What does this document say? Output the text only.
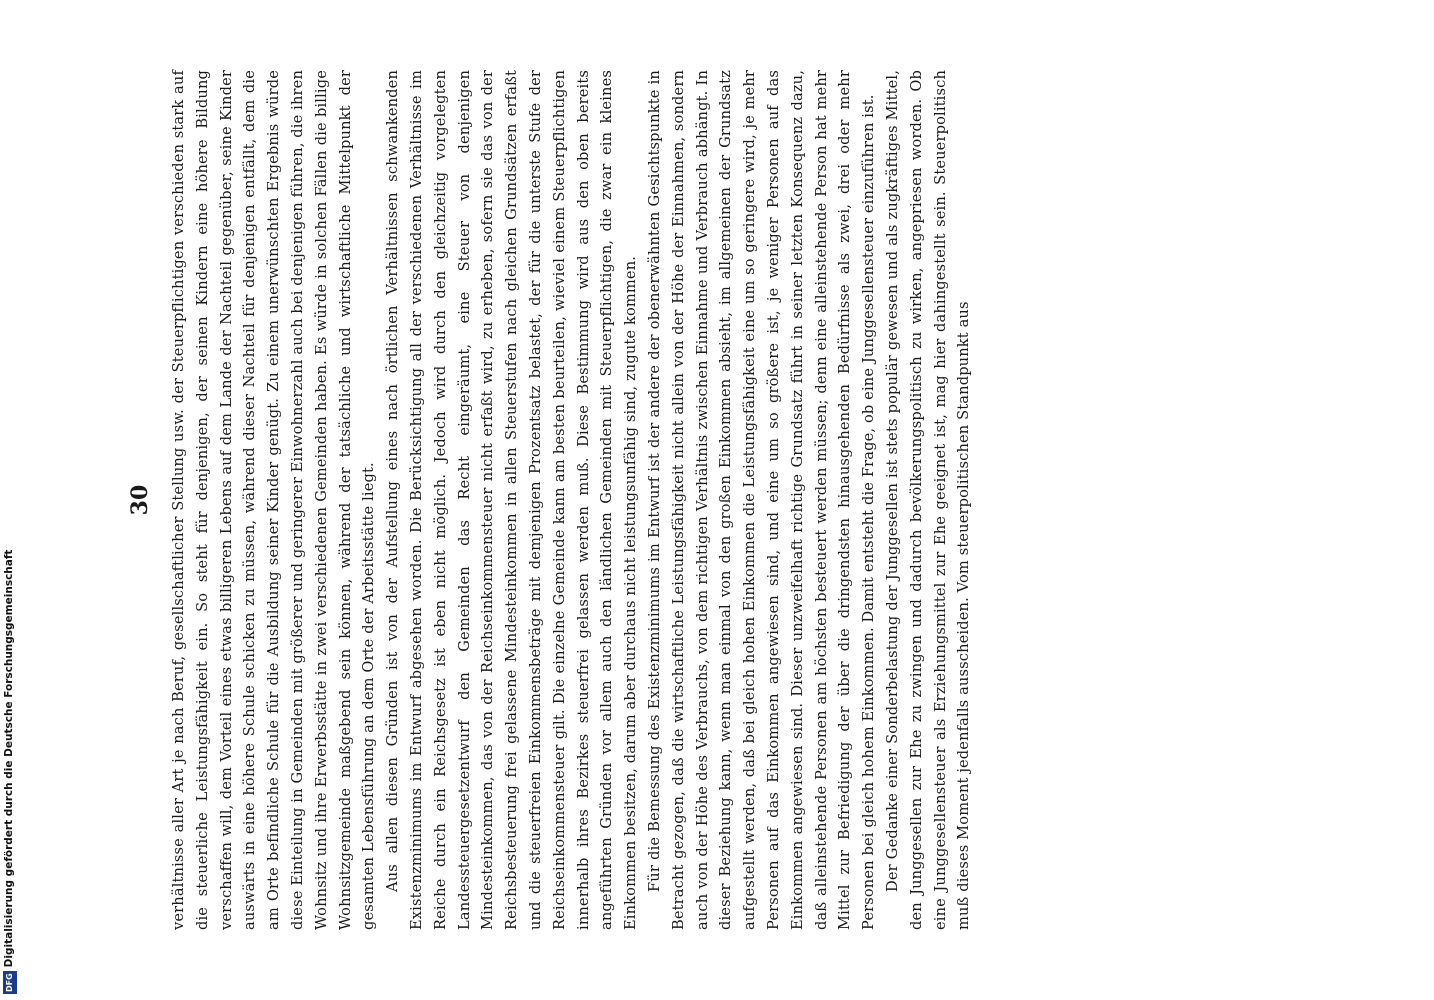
30	verhältnisse aller Art je nach Beruf, gesellschaftlicher Stellung usw. der Steuerpflichtigen verschieden stark auf die steuerliche Leistungsfähigkeit ein. So steht für denjenigen, der seinen Kindern eine höhere Bildung verschaffen will, dem Vorteil eines etwas billigeren Lebens auf dem Lande der Nachteil gegenüber, seine Kinder auswärts in eine höhere Schule schicken zu müssen, während dieser Nachteil für denjenigen entfällt, dem die am Orte befindliche Schule für die Ausbildung seiner Kinder genügt. Zu einem unerwünschten Ergebnis würde diese Einteilung in Gemeinden mit größerer und geringerer Einwohnerzahl auch bei denjenigen führen, die ihren Wohnsitz und ihre Erwerbsstätte in zwei verschiedenen Gemeinden haben. Es würde in solchen Fällen die billige Wohnsitzgemeinde maßgebend sein können, während der tatsächliche und wirtschaftliche Mittelpunkt der gesamten Lebensführung an dem Orte der Arbeitsstätte liegt. Aus allen diesen Gründen ist von der Aufstellung eines nach örtlichen Verhältnissen schwankenden Existenzminimums im Entwurf abgesehen worden. Die Berücksichtigung all der verschiedenen Verhältnisse im Reiche durch ein Reichsgesetz ist eben nicht möglich. Jedoch wird durch den gleichzeitig vorgelegten Landessteuergesetzentwurf den Gemeinden das Recht eingeräumt, eine Steuer von denjenigen Mindesteinkommen, das von der Reichseinkommensteuer nicht erfaßt wird, zu erheben, sofern sie das von der Reichsbesteuerung frei gelassene Mindesteinkommen in allen Steuerstufen nach gleichen Grundsätzen erfaßt und die steuerfreien Einkommensbeträge mit demjenigen Prozentsatz belastet, der für die unterste Stufe der Reichseinkommensteuer gilt. Die einzelne Gemeinde kann am besten beurteilen, wieviel einem Steuerpflichtigen innerhalb ihres Bezirkes steuerfrei gelassen werden muß. Diese Bestimmung wird aus den oben bereits angeführten Gründen vor allem auch den ländlichen Gemeinden mit Steuerpflichtigen, die zwar ein kleines Einkommen besitzen, darum aber durchaus nicht leistungsunfähig sind, zugute kommen. Für die Bemessung des Existenzminimums im Entwurf ist der andere der obenerwähnten Gesichtspunkte in Betracht gezogen, daß die wirtschaftliche Leistungsfähigkeit nicht allein von der Höhe der Einnahmen, sondern auch von der Höhe des Verbrauchs, von dem richtigen Verhältnis zwischen Einnahme und Verbrauch abhängt. In dieser Beziehung kann, wenn man einmal von den großen Einkommen absieht, im allgemeinen der Grundsatz aufgestellt werden, daß bei gleich hohen Einkommen die Leistungsfähigkeit eine um so geringere wird, je mehr Personen auf das Einkommen angewiesen sind, und eine um so größere ist, je weniger Personen auf das Einkommen angewiesen sind. Dieser unzweifelhaft richtige Grundsatz führt in seiner letzten Konsequenz dazu, daß alleinstehende Personen am höchsten besteuert werden müssen; denn eine alleinstehende Person hat mehr Mittel zur Befriedigung der über die dringendsten hinausgehenden Bedürfnisse als zwei, drei oder mehr Personen bei gleich hohem Einkommen. Damit entsteht die Frage, ob eine Junggesellensteuer einzuführen ist. Der Gedanke einer Sonderbelastung der Junggesellen ist stets populär gewesen und als zugkräftiges Mittel, den Junggesellen zur Ehe zu zwingen und dadurch bevölkerungspolitisch zu wirken, angepriesen worden. Ob eine Junggesellensteuer als Erziehungsmittel zur Ehe geeignet ist, mag hier dahingestellt sein. Steuerpolitisch muß dieses Moment jedenfalls ausscheiden. Vom steuerpolitischen Standpunkt aus

DFGDigitalisierung gefördert durch die Deutsche Forschungsgemeinschaft
